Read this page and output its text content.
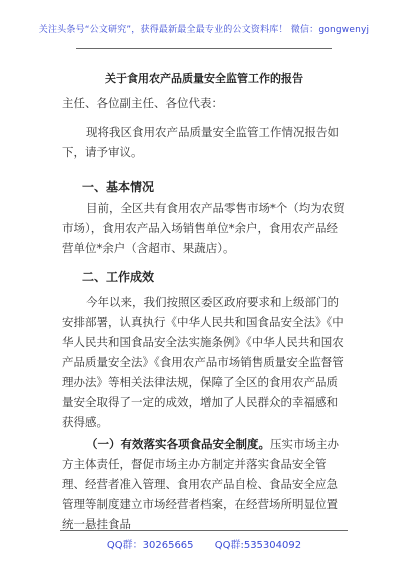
关注头条号“公文研究”，获得最新最全最专业的公文资料库！ 微信：gongwenyj
关于食用农产品质量安全监管工作的报告
主任、各位副主任、各位代表：
现将我区食用农产品质量安全监管工作情况报告如下，请予审议。
一、基本情况
目前，全区共有食用农产品零售市场*个（均为农贸市场），食用农产品入场销售单位*余户，食用农产品经营单位*余户（含超市、果蔬店）。
二、工作成效
今年以来，我们按照区委区政府要求和上级部门的安排部署，认真执行《中华人民共和国食品安全法》《中华人民共和国食品安全法实施条例》《中华人民共和国农产品质量安全法》《食用农产品市场销售质量安全监督管理办法》等相关法律法规，保障了全区的食用农产品质量安全取得了一定的成效，增加了人民群众的幸福感和获得感。
（一）有效落实各项食品安全制度。压实市场主办方主体责任，督促市场主办方制定并落实食品安全管理、经营者准入管理、食用农产品自检、食品安全应急管理等制度建立市场经营者档案，在经营场所明显位置统一悬挂食品
QQ群：30265665 QQ群:535304092
